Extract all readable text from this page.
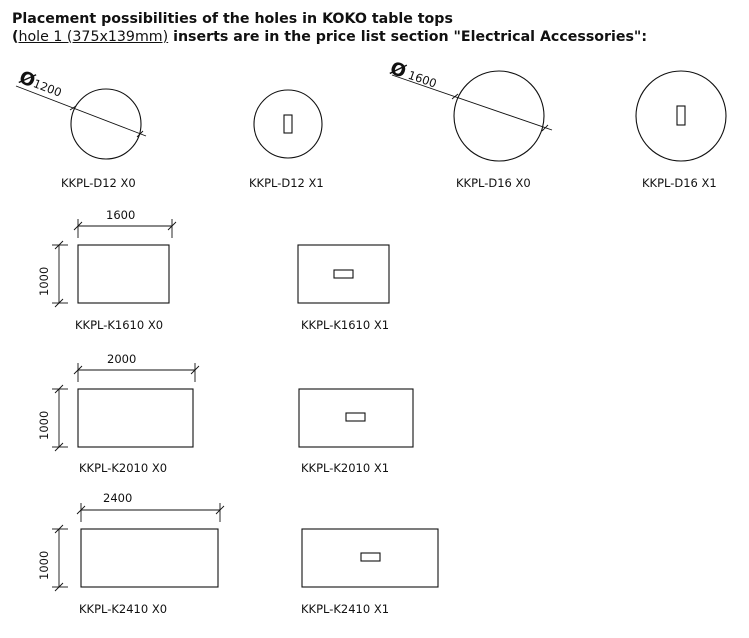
Placement possibilities of the holes in KOKO table tops
(hole 1 (375x139mm) inserts are in the price list section "Electrical Accessories":
Ø
1200
KKPL-D12 X0	KKPL-D12 X1
Ø
1600
KKPL-D16 X0	KKPL-D16 X1
1600
1000
KKPL-K1610 X0	KKPL-K1610 X1
2000
1000
KKPL-K2010 X0	KKPL-K2010 X1
2400
1000
KKPL-K2410 X0	KKPL-K2410 X1
